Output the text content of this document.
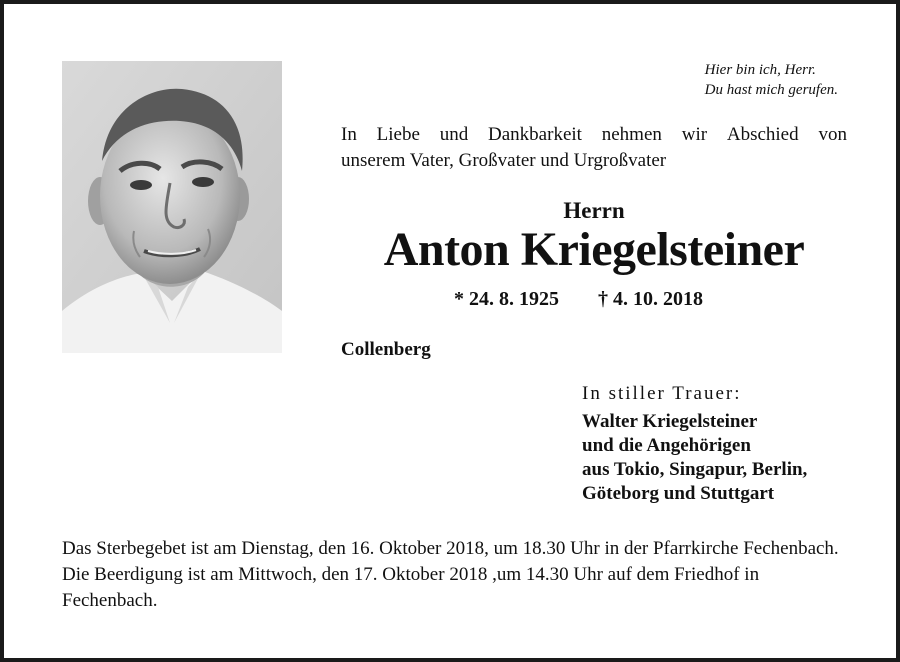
Hier bin ich, Herr.
Du hast mich gerufen.
In Liebe und Dankbarkeit nehmen wir Abschied von
unserem Vater, Großvater und Urgroßvater
Herrn
Anton Kriegelsteiner
* 24. 8. 1925 † 4. 10. 2018
Collenberg
In stiller Trauer:
Walter Kriegelsteiner
und die Angehörigen
aus Tokio, Singapur, Berlin,
Göteborg und Stuttgart
Das Sterbegebet ist am Dienstag, den 16. Oktober 2018, um 18.30 Uhr in der Pfarrkirche Fechenbach. Die Beerdigung ist am Mittwoch, den 17. Oktober 2018 ,um 14.30 Uhr auf dem Friedhof in Fechenbach.
